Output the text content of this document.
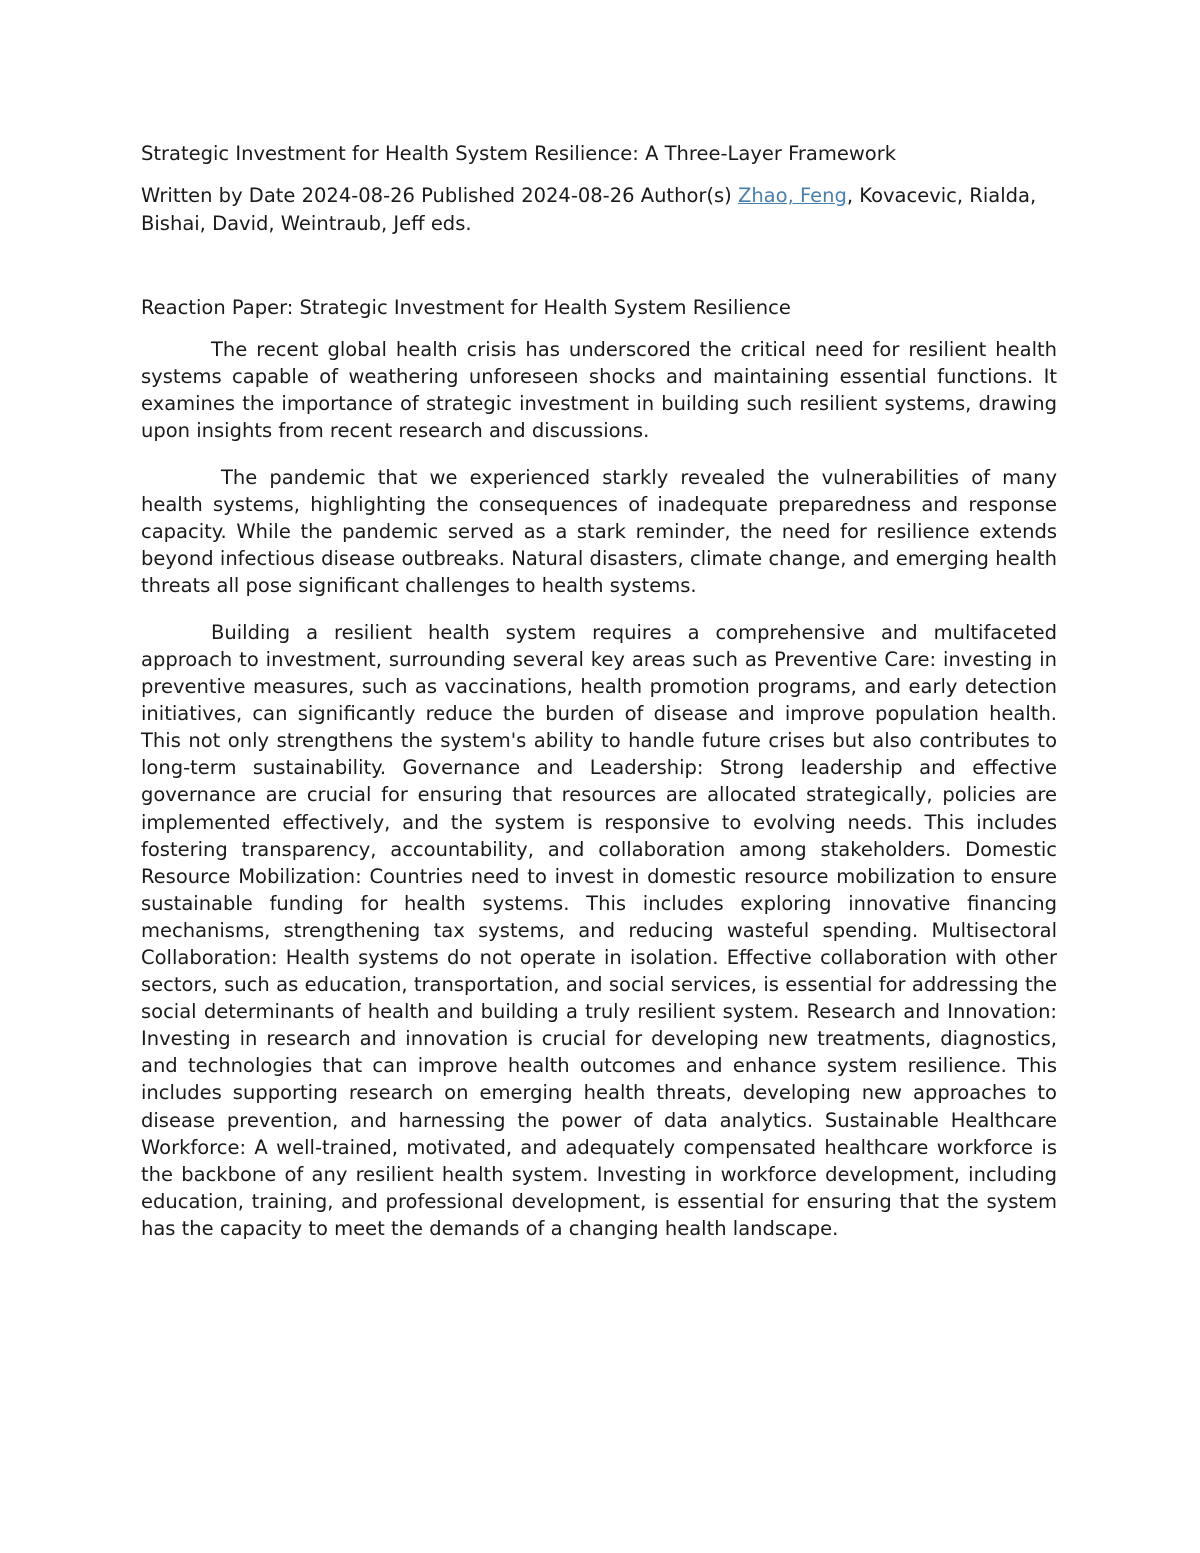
Strategic Investment for Health System Resilience: A Three-Layer Framework

Written by Date 2024-08-26 Published 2024-08-26 Author(s) Zhao, Feng, Kovacevic, Rialda, Bishai, David, Weintraub, Jeff eds.
Reaction Paper: Strategic Investment for Health System Resilience

The recent global health crisis has underscored the critical need for resilient health systems capable of weathering unforeseen shocks and maintaining essential functions. It examines the importance of strategic investment in building such resilient systems, drawing upon insights from recent research and discussions.

The pandemic that we experienced starkly revealed the vulnerabilities of many health systems, highlighting the consequences of inadequate preparedness and response capacity. While the pandemic served as a stark reminder, the need for resilience extends beyond infectious disease outbreaks. Natural disasters, climate change, and emerging health threats all pose significant challenges to health systems.

Building a resilient health system requires a comprehensive and multifaceted approach to investment, surrounding several key areas such as Preventive Care: investing in preventive measures, such as vaccinations, health promotion programs, and early detection initiatives, can significantly reduce the burden of disease and improve population health. This not only strengthens the system's ability to handle future crises but also contributes to long-term sustainability. Governance and Leadership: Strong leadership and effective governance are crucial for ensuring that resources are allocated strategically, policies are implemented effectively, and the system is responsive to evolving needs. This includes fostering transparency, accountability, and collaboration among stakeholders. Domestic Resource Mobilization: Countries need to invest in domestic resource mobilization to ensure sustainable funding for health systems. This includes exploring innovative financing mechanisms, strengthening tax systems, and reducing wasteful spending. Multisectoral Collaboration: Health systems do not operate in isolation. Effective collaboration with other sectors, such as education, transportation, and social services, is essential for addressing the social determinants of health and building a truly resilient system. Research and Innovation: Investing in research and innovation is crucial for developing new treatments, diagnostics, and technologies that can improve health outcomes and enhance system resilience. This includes supporting research on emerging health threats, developing new approaches to disease prevention, and harnessing the power of data analytics. Sustainable Healthcare Workforce: A well-trained, motivated, and adequately compensated healthcare workforce is the backbone of any resilient health system. Investing in workforce development, including education, training, and professional development, is essential for ensuring that the system has the capacity to meet the demands of a changing health landscape.
